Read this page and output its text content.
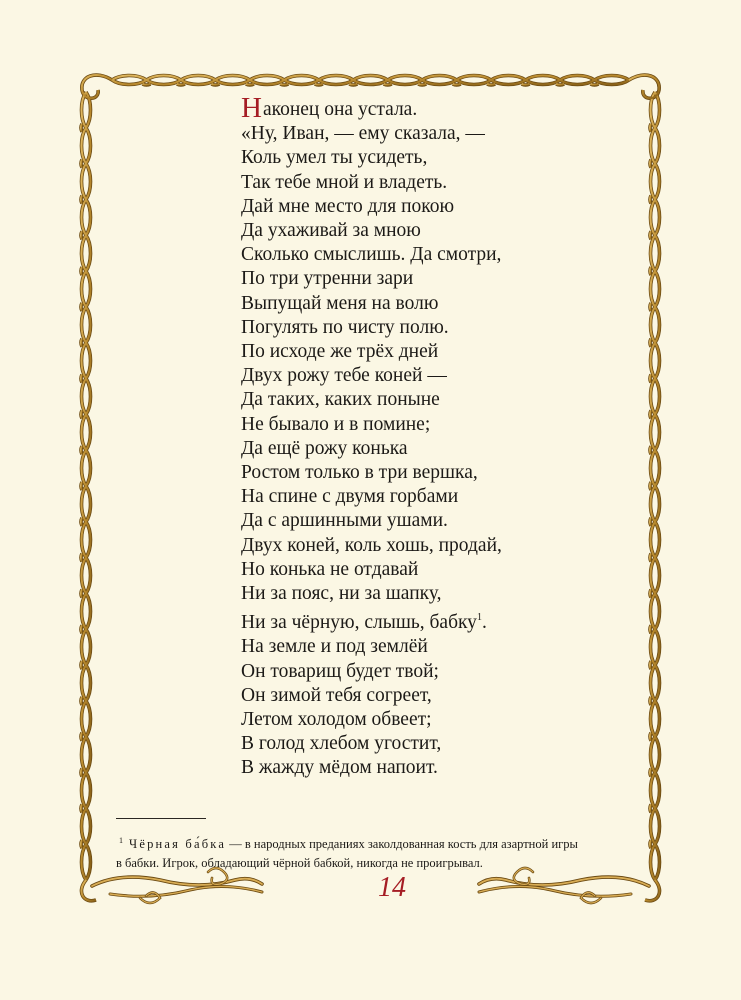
Наконец она устала.
«Ну, Иван, — ему сказала, —
Коль умел ты усидеть,
Так тебе мной и владеть.
Дай мне место для покою
Да ухаживай за мною
Сколько смыслишь. Да смотри,
По три утренни зари
Выпущай меня на волю
Погулять по чисту полю.
По исходе же трёх дней
Двух рожу тебе коней —
Да таких, каких понынe
Не бывало и в помине;
Да ещё рожу конька
Ростом только в три вершка,
На спине с двумя горбами
Да с аршинными ушами.
Двух коней, коль хошь, продай,
Но конька не отдавай
Ни за пояс, ни за шапку,
Ни за чёрную, слышь, бабку$^1$.
На земле и под землёй
Он товарищ будет твой;
Он зимой тебя согреет,
Летом холодом обвеет;
В голод хлебом угостит,
В жажду мёдом напоит.
$^1$ Чёрная ба́бка — в народных преданиях заколдованная кость для азартной игры
в бабки. Игрок, обладающий чёрной бабкой, никогда не проигрывал.
14
